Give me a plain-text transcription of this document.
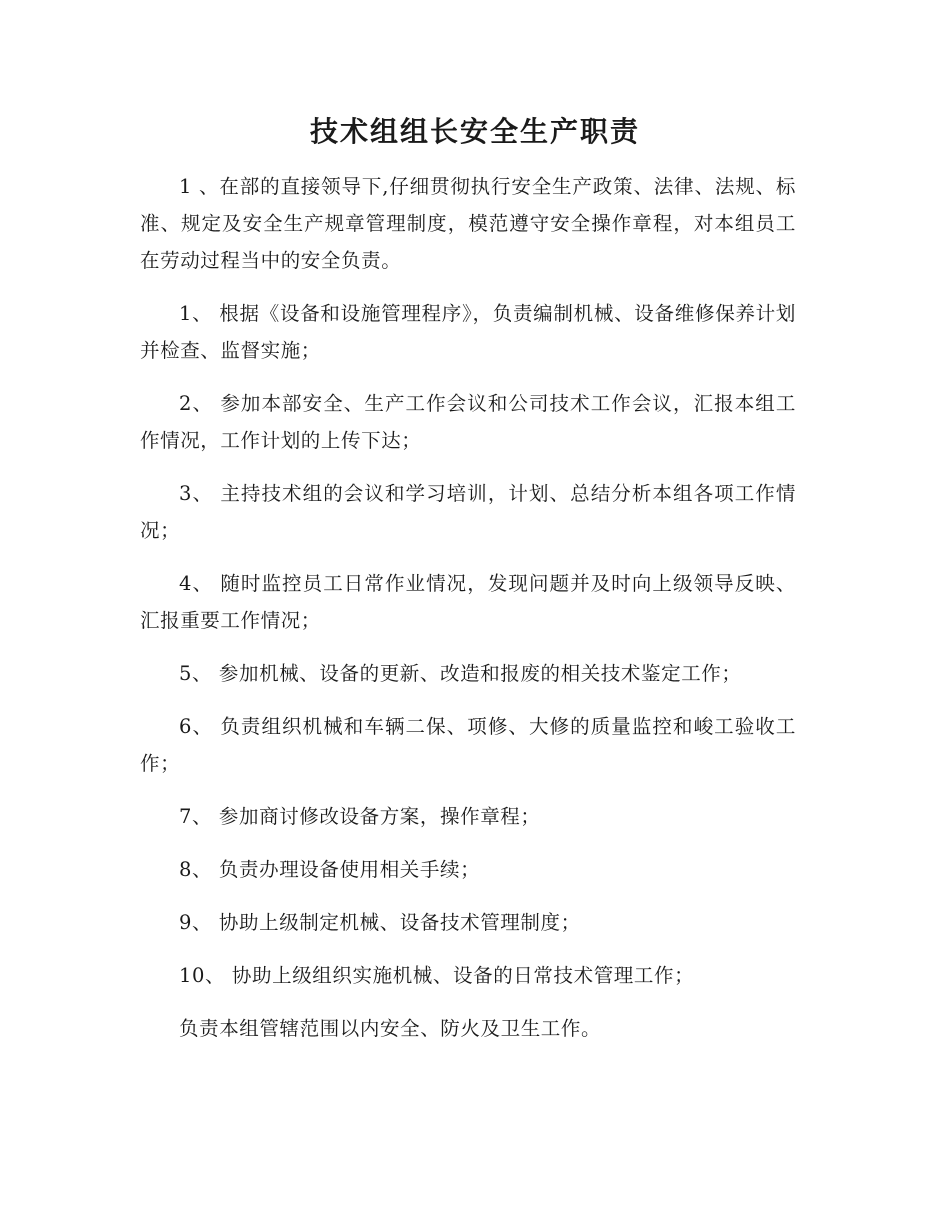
技术组组长安全生产职责

1 、在部的直接领导下,仔细贯彻执行安全生产政策、法律、法规、标准、规定及安全生产规章管理制度，模范遵守安全操作章程，对本组员工在劳动过程当中的安全负责。

1、 根据《设备和设施管理程序》，负责编制机械、设备维修保养计划并检查、监督实施；

2、 参加本部安全、生产工作会议和公司技术工作会议，汇报本组工作情况，工作计划的上传下达；

3、 主持技术组的会议和学习培训，计划、总结分析本组各项工作情况；

4、 随时监控员工日常作业情况，发现问题并及时向上级领导反映、汇报重要工作情况；

5、 参加机械、设备的更新、改造和报废的相关技术鉴定工作；

6、 负责组织机械和车辆二保、项修、大修的质量监控和峻工验收工作；

7、 参加商讨修改设备方案，操作章程；

8、 负责办理设备使用相关手续；

9、 协助上级制定机械、设备技术管理制度；

10、 协助上级组织实施机械、设备的日常技术管理工作；

负责本组管辖范围以内安全、防火及卫生工作。
